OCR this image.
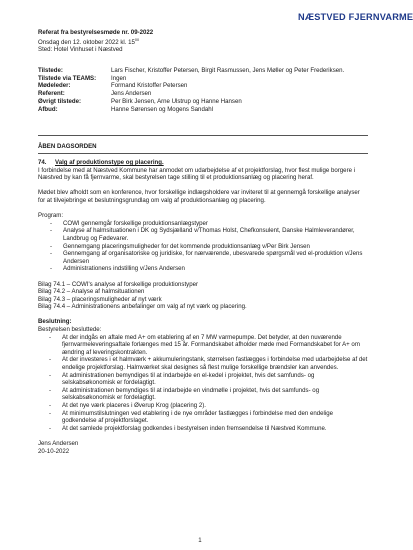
NÆSTVED FJERNVARME
Referat fra bestyrelsesmøde nr. 09-2022
Onsdag den 12. oktober 2022 kl. $15^{00}$
Sted: Hotel Vinhuset i Næstved
Tilstede:	Lars Fischer, Kristoffer Petersen, Birgit Rasmussen, Jens Møller og Peter Frederiksen.
Tilstede via TEAMS:	Ingen
Mødeleder:	Formand Kristoffer Petersen
Referent:	Jens Andersen
Øvrigt tilstede:	Per Birk Jensen, Arne Ulstrup og Hanne Hansen
Afbud:	Hanne Sørensen og Mogens Sandahl
ÅBEN DAGSORDEN
74. Valg af produktionstype og placering.

I forbindelse med at Næstved Kommune har anmodet om udarbejdelse af et projektforslag, hvor flest mulige borgere i Næstved by kan få fjernvarme, skal bestyrelsen tage stilling til et produktionsanlæg og placering heraf.

Mødet blev afholdt som en konference, hvor forskellige indlægsholdere var inviteret til at gennemgå forskellige analyser for at tilvejebringe et beslutningsgrundlag om valg af produktionsanlæg og placering.

Program:

- COWI gennemgår forskellige produktionsanlægstyper
- Analyse af halmsituationen i DK og Sydsjælland v/Thomas Holst, Chefkonsulent, Danske Halmleverandører, Landbrug og Fødevarer.
- Gennemgang placeringsmuligheder for det kommende produktionsanlæg v/Per Birk Jensen
- Gennemgang af organisatoriske og juridiske, for nærværende, ubesvarede spørgsmål ved el-produktion v/Jens Andersen
- Administrationens indstilling v/Jens Andersen
Bilag 74.1 – COWI's analyse af forskellige produktionstyper
Bilag 74.2 – Analyse af halmsituationen
Bilag 74.3 – placeringsmuligheder af nyt værk
Bilag 74.4 – Administrationens anbefalinger om valg af nyt værk og placering.
Beslutning:

Bestyrelsen besluttede:

- At der indgås en aftale med A+ om etablering af en 7 MW varmepumpe. Det betyder, at den nuværende fjernvarmeleveringsaftale forlænges med 15 år. Formandskabet afholder møde med Formandskabet for A+ om ændring af leveringskontrakten.
- At der investeres i et halmværk + akkumuleringstank, størrelsen fastlægges i forbindelse med udarbejdelse af det endelige projektforslag. Halmværket skal designes så flest mulige forskellige brændsler kan anvendes.
- At administrationen bemyndiges til at indarbejde en el-kedel i projektet, hvis det samfunds- og selskabsøkonomisk er fordelagtigt.
- At administrationen bemyndiges til at indarbejde en vindmølle i projektet, hvis det samfunds- og selskabsøkonomisk er fordelagtigt.
- At det nye værk placeres i Øverup Krog (placering 2).
- At minimumstilslutningen ved etablering i de nye områder fastlægges i forbindelse med den endelige godkendelse af projektforslaget.
- At det samlede projektforslag godkendes i bestyrelsen inden fremsendelse til Næstved Kommune.
Jens Andersen
20-10-2022
1
